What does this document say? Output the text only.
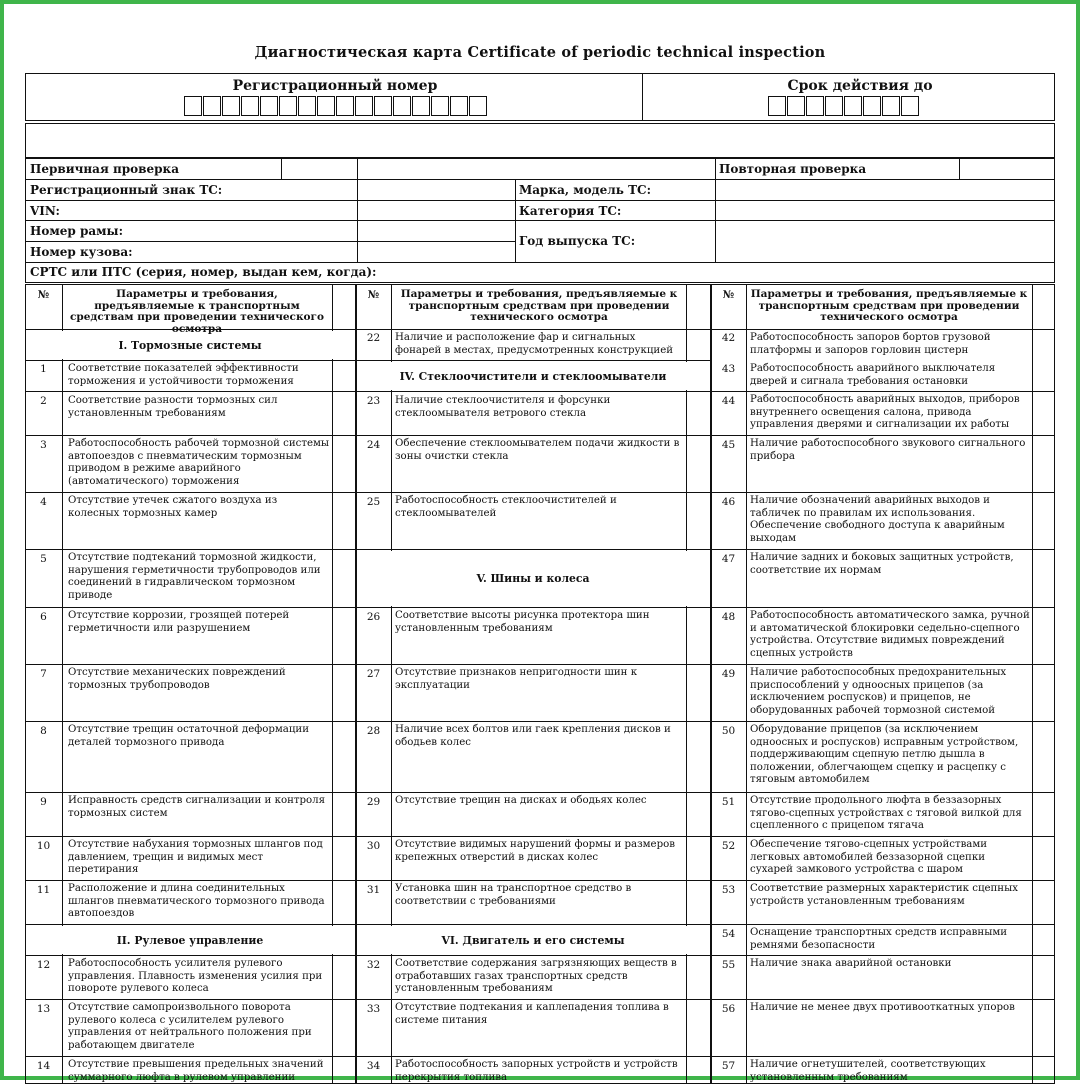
Диагностическая карта Certificate of periodic technical inspection
Регистрационный номер	Срок действия до
Первичная проверка	Повторная проверка
Регистрационный знак ТС:	Марка, модель ТС:
VIN:	Категория ТС:
Номер рамы:
Год выпуска ТС:
Номер кузова:
СРТС или ПТС (серия, номер, выдан кем, когда):
№	Параметры и требования, предъявляемые к транспортным средствам при проведении технического осмотра
№	Параметры и требования, предъявляемые к транспортным средствам при проведении технического осмотра
№	Параметры и требования, предъявляемые к транспортным средствам при проведении технического осмотра
I. Тормозные системы
IV. Стеклоочистители и стеклоомыватели
V. Шины и колеса
II. Рулевое управление	VI. Двигатель и его системы
1	Соответствие показателей эффективности торможения и устойчивости торможения
2	Соответствие разности тормозных сил установленным требованиям
3	Работоспособность рабочей тормозной системы автопоездов с пневматическим тормозным приводом в режиме аварийного (автоматического) торможения
4	Отсутствие утечек сжатого воздуха из колесных тормозных камер
5	Отсутствие подтеканий тормозной жидкости, нарушения герметичности трубопроводов или соединений в гидравлическом тормозном приводе
6	Отсутствие коррозии, грозящей потерей герметичности или разрушением
7	Отсутствие механических повреждений тормозных трубопроводов
8	Отсутствие трещин остаточной деформации деталей тормозного привода
9	Исправность средств сигнализации и контроля тормозных систем
10	Отсутствие набухания тормозных шлангов под давлением, трещин и видимых мест перетирания
11	Расположение и длина соединительных шлангов пневматического тормозного привода автопоездов
12	Работоспособность усилителя рулевого управления. Плавность изменения усилия при повороте рулевого колеса
13	Отсутствие самопроизвольного поворота рулевого колеса с усилителем рулевого управления от нейтрального положения при работающем двигателе
14	Отсутствие превышения предельных значений суммарного люфта в рулевом управлении
22	Наличие и расположение фар и сигнальных фонарей в местах, предусмотренных конструкцией
23	Наличие стеклоочистителя и форсунки стеклоомывателя ветрового стекла
24	Обеспечение стеклоомывателем подачи жидкости в зоны очистки стекла
25	Работоспособность стеклоочистителей и стеклоомывателей
26	Соответствие высоты рисунка протектора шин установленным требованиям
27	Отсутствие признаков непригодности шин к эксплуатации
28	Наличие всех болтов или гаек крепления дисков и ободьев колес
29	Отсутствие трещин на дисках и ободьях колес
30	Отсутствие видимых нарушений формы и размеров крепежных отверстий в дисках колес
31	Установка шин на транспортное средство в соответствии с требованиями
32	Соответствие содержания загрязняющих веществ в отработавших газах транспортных средств установленным требованиям
33	Отсутствие подтекания и каплепадения топлива в системе питания
34	Работоспособность запорных устройств и устройств перекрытия топлива
42	Работоспособность запоров бортов грузовой платформы и запоров горловин цистерн
43	Работоспособность аварийного выключателя дверей и сигнала требования остановки
44	Работоспособность аварийных выходов, приборов внутреннего освещения салона, привода управления дверями и сигнализации их работы
45	Наличие работоспособного звукового сигнального прибора
46	Наличие обозначений аварийных выходов и табличек по правилам их использования. Обеспечение свободного доступа к аварийным выходам
47	Наличие задних и боковых защитных устройств, соответствие их нормам
48	Работоспособность автоматического замка, ручной и автоматической блокировки седельно-сцепного устройства. Отсутствие видимых повреждений сцепных устройств
49	Наличие работоспособных предохранительных приспособлений у одноосных прицепов (за исключением роспусков) и прицепов, не оборудованных рабочей тормозной системой
50	Оборудование прицепов (за исключением одноосных и роспусков) исправным устройством, поддерживающим сцепную петлю дышла в положении, облегчающем сцепку и расцепку с тяговым автомобилем
51	Отсутствие продольного люфта в беззазорных тягово-сцепных устройствах с тяговой вилкой для сцепленного с прицепом тягача
52	Обеспечение тягово-сцепных устройствами легковых автомобилей беззазорной сцепки сухарей замкового устройства с шаром
53	Соответствие размерных характеристик сцепных устройств установленным требованиям
54	Оснащение транспортных средств исправными ремнями безопасности
55	Наличие знака аварийной остановки
56	Наличие не менее двух противооткатных упоров
57	Наличие огнетушителей, соответствующих установленным требованиям
